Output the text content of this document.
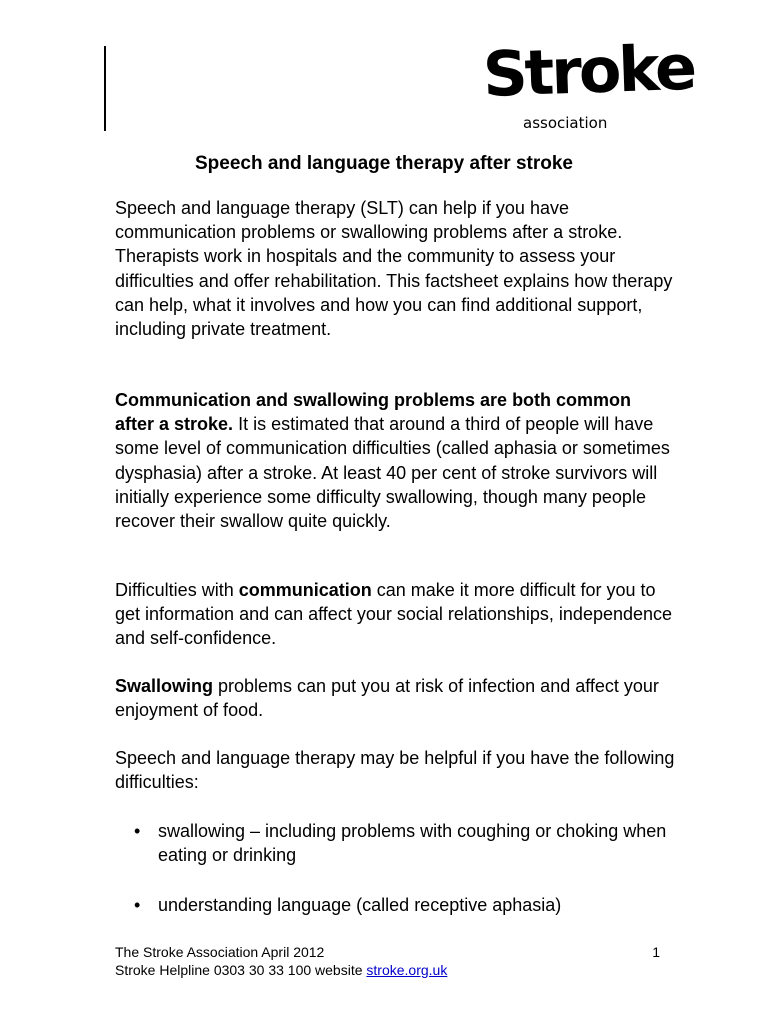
Stroke
association
Speech and language therapy after stroke
Speech and language therapy (SLT) can help if you have communication problems or swallowing problems after a stroke. Therapists work in hospitals and the community to assess your difficulties and offer rehabilitation. This factsheet explains how therapy can help, what it involves and how you can find additional support, including private treatment.
Communication and swallowing problems are both common after a stroke. It is estimated that around a third of people will have some level of communication difficulties (called aphasia or sometimes dysphasia) after a stroke. At least 40 per cent of stroke survivors will initially experience some difficulty swallowing, though many people recover their swallow quite quickly.
Difficulties with communication can make it more difficult for you to get information and can affect your social relationships, independence and self-confidence.
Swallowing problems can put you at risk of infection and affect your enjoyment of food.
Speech and language therapy may be helpful if you have the following difficulties:
• swallowing – including problems with coughing or choking when eating or drinking
• understanding language (called receptive aphasia)
The Stroke Association April 2012	1
Stroke Helpline 0303 30 33 100 website stroke.org.uk
